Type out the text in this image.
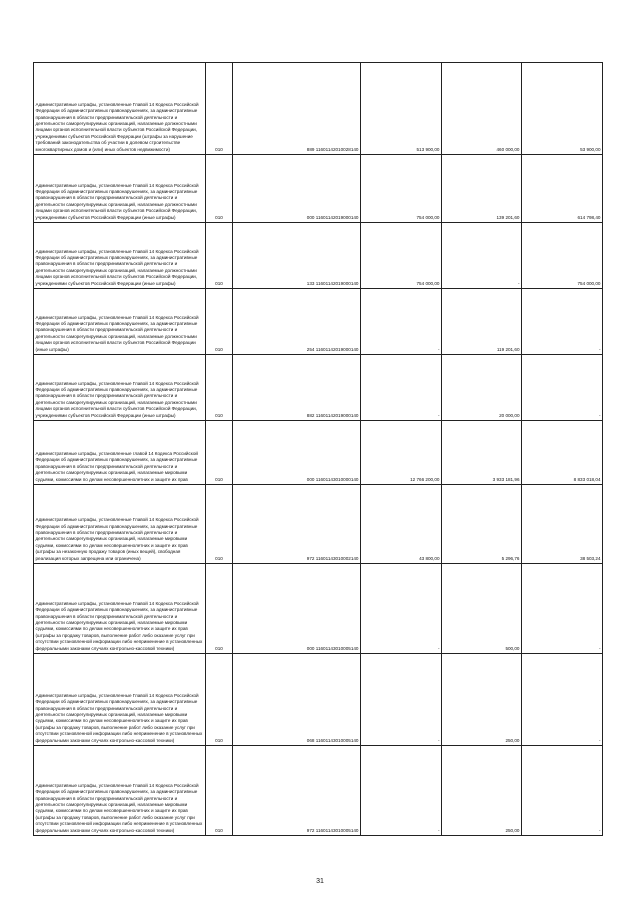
Административные штрафы, установленные Главой 14 Кодекса Российской Федерации об административных правонарушениях, за административные правонарушения в области предпринимательской деятельности и деятельности саморегулируемых организаций, налагаемые должностными лицами органов исполнительной власти субъектов Российской Федерации, учреждениями субъектов Российской Федерации (штрафы за нарушение требований законодательства об участии в долевом строительстве многоквартирных домов и (или) иных объектов недвижимости)	010	889 11601142010028140	513 900,00	460 000,00	53 900,00
Административные штрафы, установленные Главой 14 Кодекса Российской Федерации об административных правонарушениях, за административные правонарушения в области предпринимательской деятельности и деятельности саморегулируемых организаций, налагаемые должностными лицами органов исполнительной власти субъектов Российской Федерации, учреждениями субъектов Российской Федерации (иные штрафы)	010	000 11601142019000140	754 000,00	139 201,60	614 798,40
Административные штрафы, установленные Главой 14 Кодекса Российской Федерации об административных правонарушениях, за административные правонарушения в области предпринимательской деятельности и деятельности саморегулируемых организаций, налагаемые должностными лицами органов исполнительной власти субъектов Российской Федерации, учреждениями субъектов Российской Федерации (иные штрафы)	010	133 11601142019000140	754 000,00	-	754 000,00
Административные штрафы, установленные Главой 14 Кодекса Российской Федерации об административных правонарушениях, за административные правонарушения в области предпринимательской деятельности и деятельности саморегулируемых организаций, налагаемые должностными лицами органов исполнительной власти субъектов Российской Федерации (иные штрафы)	010	254 11601142019000140	-	119 201,60	-
Административные штрафы, установленные Главой 14 Кодекса Российской Федерации об административных правонарушениях, за административные правонарушения в области предпринимательской деятельности и деятельности саморегулируемых организаций, налагаемые должностными лицами органов исполнительной власти субъектов Российской Федерации, учреждениями субъектов Российской Федерации (иные штрафы)	010	882 11601142019000140	-	20 000,00	-
Административные штрафы, установленные главой 14 Кодекса Российской Федерации об административных правонарушениях, за административные правонарушения в области предпринимательской деятельности и деятельности саморегулируемых организаций, налагаемые мировыми судьями, комиссиями по делам несовершеннолетних и защите их прав	010	000 11601143010000140	12 766 200,00	3 933 181,96	8 833 018,04
Административные штрафы, установленные Главой 14 Кодекса Российской Федерации об административных правонарушениях, за административные правонарушения в области предпринимательской деятельности и деятельности саморегулируемых организаций, налагаемые мировыми судьями, комиссиями по делам несовершеннолетних и защите их прав (штрафы за незаконную продажу товаров (иных вещей), свободная реализация которых запрещена или ограничена)	010	972 11601143010002140	43 800,00	5 296,76	38 503,24
Административные штрафы, установленные Главой 14 Кодекса Российской Федерации об административных правонарушениях, за административные правонарушения в области предпринимательской деятельности и деятельности саморегулируемых организаций, налагаемые мировыми судьями, комиссиями по делам несовершеннолетних и защите их прав (штрафы за продажу товаров, выполнение работ либо оказание услуг при отсутствии установленной информации либо неприменение в установленных федеральными законами случаях контрольно-кассовой техники)	010	000 11601143010005140	-	500,00	-
Административные штрафы, установленные Главой 14 Кодекса Российской Федерации об административных правонарушениях, за административные правонарушения в области предпринимательской деятельности и деятельности саморегулируемых организаций, налагаемые мировыми судьями, комиссиями по делам несовершеннолетних и защите их прав (штрафы за продажу товаров, выполнение работ либо оказание услуг при отсутствии установленной информации либо неприменение в установленных федеральными законами случаях контрольно-кассовой техники)	010	068 11601143010005140	-	250,00	-
Административные штрафы, установленные Главой 14 Кодекса Российской Федерации об административных правонарушениях, за административные правонарушения в области предпринимательской деятельности и деятельности саморегулируемых организаций, налагаемые мировыми судьями, комиссиями по делам несовершеннолетних и защите их прав (штрафы за продажу товаров, выполнение работ либо оказание услуг при отсутствии установленной информации либо неприменение в установленных федеральными законами случаях контрольно-кассовой техники)	010	972 11601143010005140	-	250,00	-
31
